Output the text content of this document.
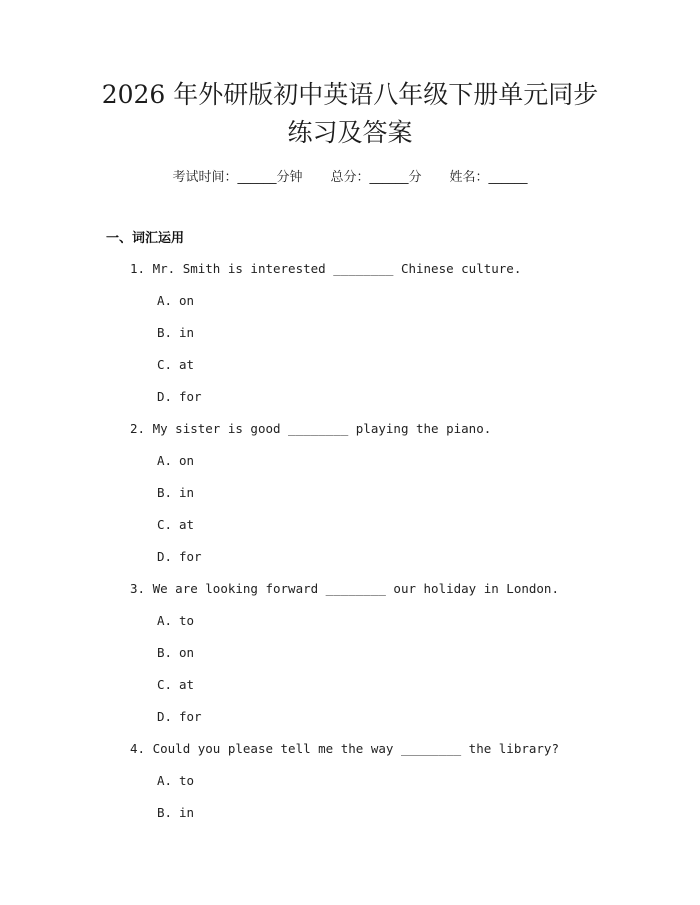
2026 年外研版初中英语八年级下册单元同步
练习及答案
考试时间：______分钟 总分：______分 姓名：______
一、词汇运用
1. Mr. Smith is interested ________ Chinese culture.
A. on
B. in
C. at
D. for
2. My sister is good ________ playing the piano.
A. on
B. in
C. at
D. for
3. We are looking forward ________ our holiday in London.
A. to
B. on
C. at
D. for
4. Could you please tell me the way ________ the library?
A. to
B. in
